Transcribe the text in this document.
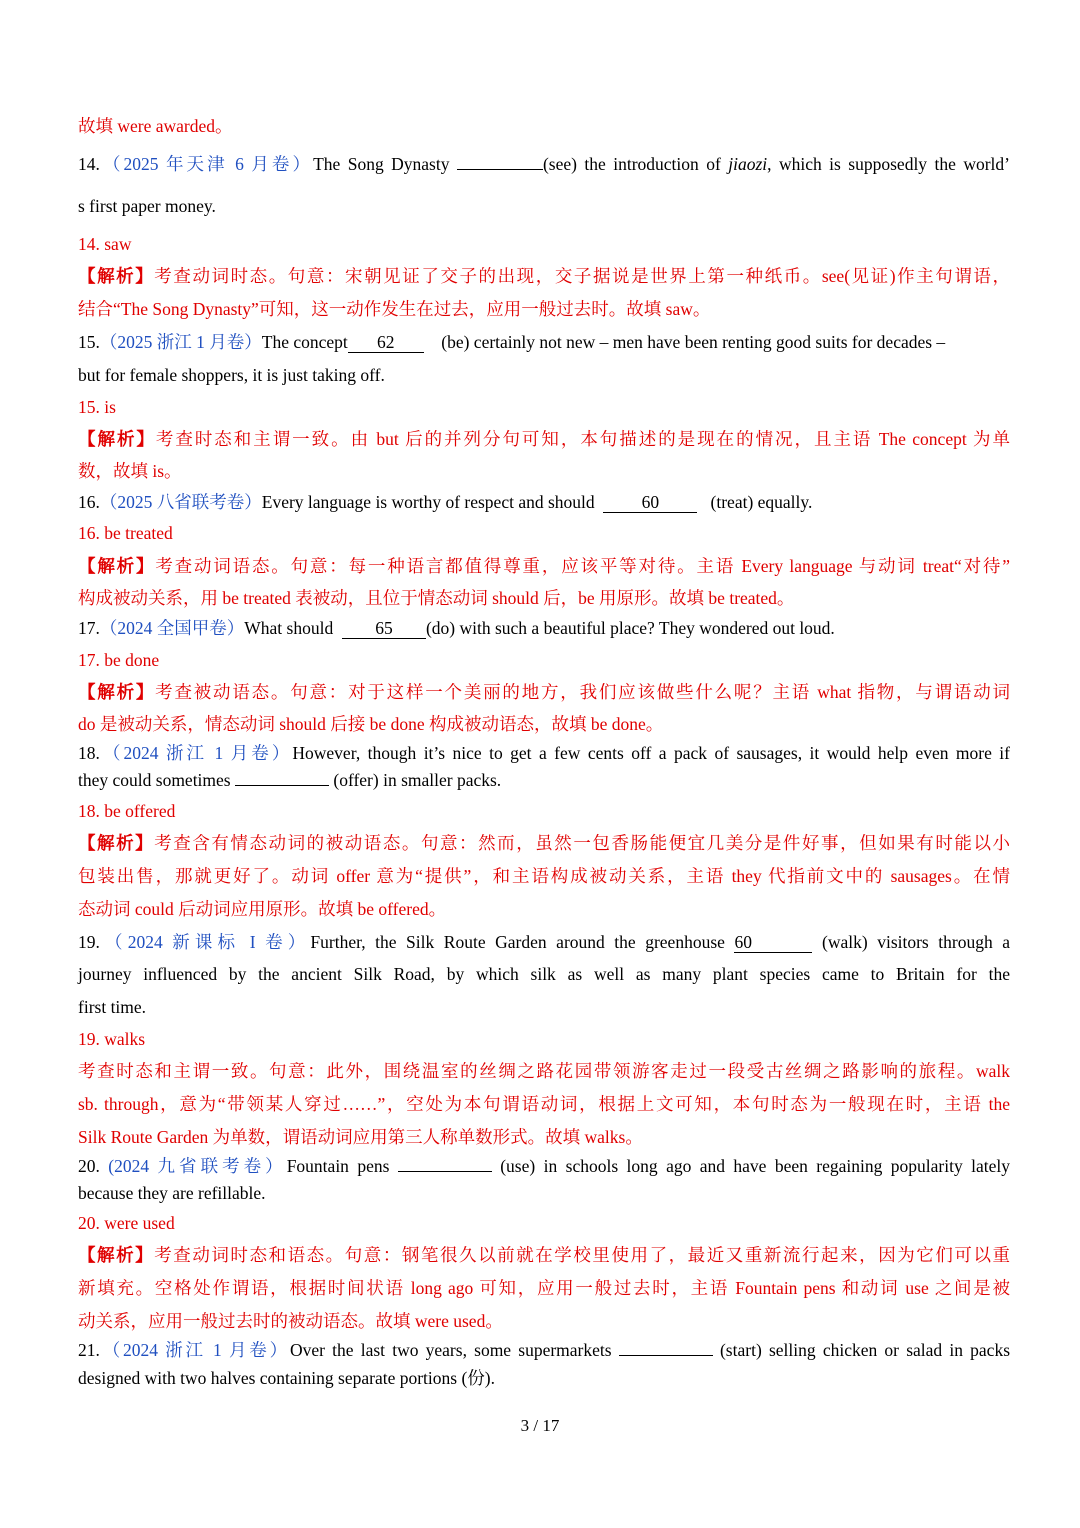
故填 were awarded。
14.（2025 年天津 6 月卷）The Song Dynasty	(see) the introduction of jiaozi, which is supposedly the world’
s first paper money.
14. saw
【解析】考查动词时态。句意：宋朝见证了交子的出现，交子据说是世界上第一种纸币。see(见证)作主句谓语，
结合“The Song Dynasty”可知，这一动作发生在过去，应用一般过去时。故填 saw。
15.（2025 浙江 1 月卷）The concept 62	(be) certainly not new – men have been renting good suits for decades –
but for female shoppers, it is just taking off.
15. is
【解析】考查时态和主谓一致。由 but 后的并列分句可知，本句描述的是现在的情况，且主语 The concept 为单
数，故填 is。
16.（2025 八省联考卷）Every language is worthy of respect and should	60	(treat) equally.
16. be treated
【解析】考查动词语态。句意：每一种语言都值得尊重，应该平等对待。主语 Every language 与动词 treat“对待”
构成被动关系，用 be treated 表被动，且位于情态动词 should 后，be 用原形。故填 be treated。
17.（2024 全国甲卷）What should 65 (do) with such a beautiful place? They wondered out loud.
17. be done
【解析】考查被动语态。句意：对于这样一个美丽的地方，我们应该做些什么呢？主语 what 指物，与谓语动词
do 是被动关系，情态动词 should 后接 be done 构成被动语态，故填 be done。
18.（2024 浙江 1 月卷）However, though it’s nice to get a few cents off a pack of sausages, it would help even more if
they could sometimes	(offer) in smaller packs.
18. be offered
【解析】考查含有情态动词的被动语态。句意：然而，虽然一包香肠能便宜几美分是件好事，但如果有时能以小
包装出售，那就更好了。动词 offer 意为“提供”，和主语构成被动关系，主语 they 代指前文中的 sausages。在情
态动词 could 后动词应用原形。故填 be offered。
19.（2024 新课标 I 卷）Further, the Silk Route Garden around the greenhouse 60	(walk) visitors through a
journey influenced by the ancient Silk Road, by which silk as well as many plant species came to Britain for the
first time.
19. walks
考查时态和主谓一致。句意：此外，围绕温室的丝绸之路花园带领游客走过一段受古丝绸之路影响的旅程。walk
sb. through，意为“带领某人穿过……”，空处为本句谓语动词，根据上文可知，本句时态为一般现在时，主语 the
Silk Route Garden 为单数，谓语动词应用第三人称单数形式。故填 walks。
20. (2024 九省联考卷）Fountain pens	(use) in schools long ago and have been regaining popularity lately
because they are refillable.
20. were used
【解析】考查动词时态和语态。句意：钢笔很久以前就在学校里使用了，最近又重新流行起来，因为它们可以重
新填充。空格处作谓语，根据时间状语 long ago 可知，应用一般过去时，主语 Fountain pens 和动词 use 之间是被
动关系，应用一般过去时的被动语态。故填 were used。
21.（2024 浙江 1 月卷）Over the last two years, some supermarkets	(start) selling chicken or salad in packs
designed with two halves containing separate portions (份).
3 / 17
